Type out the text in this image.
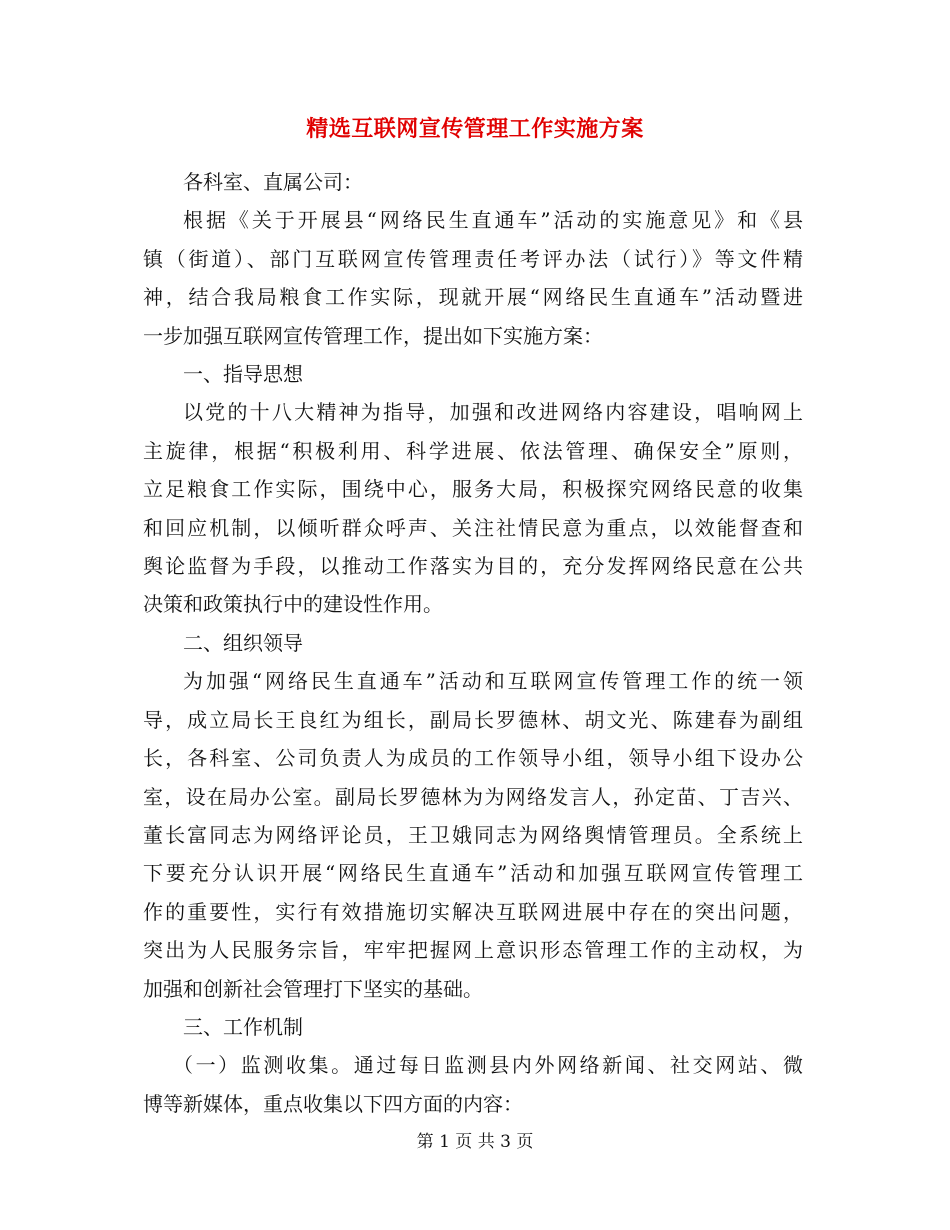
精选互联网宣传管理工作实施方案

各科室、直属公司：

根据《关于开展县“网络民生直通车”活动的实施意见》和《县
镇（街道）、部门互联网宣传管理责任考评办法（试行）》等文件精
神，结合我局粮食工作实际，现就开展“网络民生直通车”活动暨进
一步加强互联网宣传管理工作，提出如下实施方案：

一、指导思想

以党的十八大精神为指导，加强和改进网络内容建设，唱响网上
主旋律，根据“积极利用、科学进展、依法管理、确保安全”原则，
立足粮食工作实际，围绕中心，服务大局，积极探究网络民意的收集
和回应机制，以倾听群众呼声、关注社情民意为重点，以效能督查和
舆论监督为手段，以推动工作落实为目的，充分发挥网络民意在公共
决策和政策执行中的建设性作用。

二、组织领导

为加强“网络民生直通车”活动和互联网宣传管理工作的统一领
导，成立局长王良红为组长，副局长罗德林、胡文光、陈建春为副组
长，各科室、公司负责人为成员的工作领导小组，领导小组下设办公
室，设在局办公室。副局长罗德林为为网络发言人，孙定苗、丁吉兴、
董长富同志为网络评论员，王卫娥同志为网络舆情管理员。全系统上
下要充分认识开展“网络民生直通车”活动和加强互联网宣传管理工
作的重要性，实行有效措施切实解决互联网进展中存在的突出问题，
突出为人民服务宗旨，牢牢把握网上意识形态管理工作的主动权，为
加强和创新社会管理打下坚实的基础。

三、工作机制

（一）监测收集。通过每日监测县内外网络新闻、社交网站、微
博等新媒体，重点收集以下四方面的内容：

第 1 页 共 3 页
